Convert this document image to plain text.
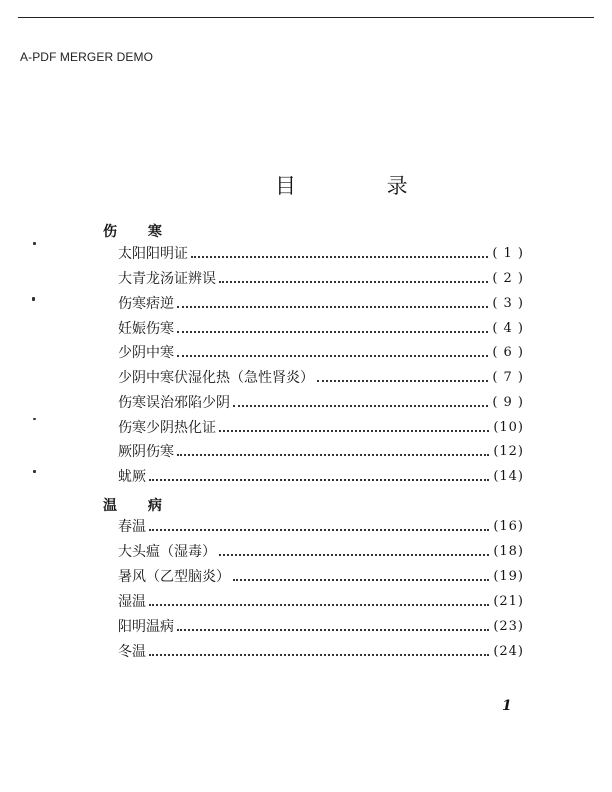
A-PDF MERGER DEMO
目 录
伤 寒
太阳阳明证	( 1 )
大青龙汤证辨误	( 2 )
伤寒痞逆	( 3 )
妊娠伤寒	( 4 )
少阴中寒	( 6 )
少阴中寒伏湿化热（急性肾炎）	( 7 )
伤寒误治邪陷少阴	( 9 )
伤寒少阴热化证	(10)
厥阴伤寒	(12)
蚘厥	(14)
温 病
春温	(16)
大头瘟（湿毒）	(18)
暑风（乙型脑炎）	(19)
湿温	(21)
阳明温病	(23)
冬温	(24)
1
